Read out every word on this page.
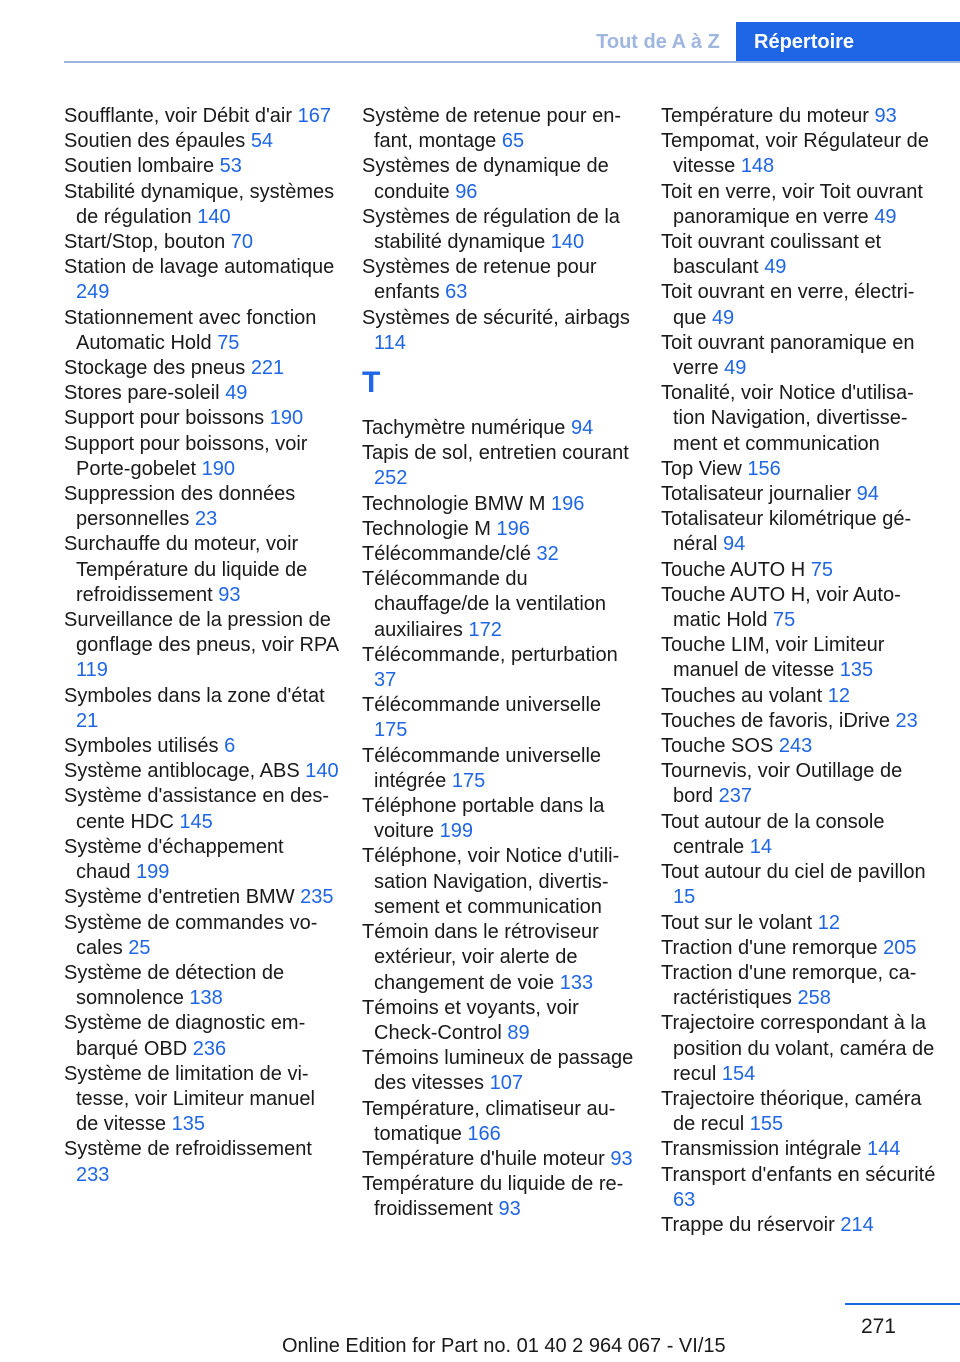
Tout de A à Z	Répertoire
Soufflante, voir Débit d'air 167
Soutien des épaules 54
Soutien lombaire 53
Stabilité dynamique, systèmes de régulation 140
Start/Stop, bouton 70
Station de lavage automatique 249
Stationnement avec fonction Automatic Hold 75
Stockage des pneus 221
Stores pare-soleil 49
Support pour boissons 190
Support pour boissons, voir Porte-gobelet 190
Suppression des données personnelles 23
Surchauffe du moteur, voir Température du liquide de refroidissement 93
Surveillance de la pression de gonflage des pneus, voir RPA 119
Symboles dans la zone d'état 21
Symboles utilisés 6
Système antiblocage, ABS 140
Système d'assistance en descente HDC 145
Système d'échappement chaud 199
Système d'entretien BMW 235
Système de commandes vocales 25
Système de détection de somnolence 138
Système de diagnostic embarqué OBD 236
Système de limitation de vitesse, voir Limiteur manuel de vitesse 135
Système de refroidissement 233
Système de retenue pour enfant, montage 65
Systèmes de dynamique de conduite 96
Systèmes de régulation de la stabilité dynamique 140
Systèmes de retenue pour enfants 63
Systèmes de sécurité, airbags 114
T
Tachymètre numérique 94
Tapis de sol, entretien courant 252
Technologie BMW M 196
Technologie M 196
Télécommande/clé 32
Télécommande du chauffage/de la ventilation auxiliaires 172
Télécommande, perturbation 37
Télécommande universelle 175
Télécommande universelle intégrée 175
Téléphone portable dans la voiture 199
Téléphone, voir Notice d'utilisation Navigation, divertissement et communication
Témoin dans le rétroviseur extérieur, voir alerte de changement de voie 133
Témoins et voyants, voir Check-Control 89
Témoins lumineux de passage des vitesses 107
Température, climatiseur automatique 166
Température d'huile moteur 93
Température du liquide de refroidissement 93
Température du moteur 93
Tempomat, voir Régulateur de vitesse 148
Toit en verre, voir Toit ouvrant panoramique en verre 49
Toit ouvrant coulissant et basculant 49
Toit ouvrant en verre, électrique 49
Toit ouvrant panoramique en verre 49
Tonalité, voir Notice d'utilisation Navigation, divertissement et communication
Top View 156
Totalisateur journalier 94
Totalisateur kilométrique général 94
Touche AUTO H 75
Touche AUTO H, voir Automatic Hold 75
Touche LIM, voir Limiteur manuel de vitesse 135
Touches au volant 12
Touches de favoris, iDrive 23
Touche SOS 243
Tournevis, voir Outillage de bord 237
Tout autour de la console centrale 14
Tout autour du ciel de pavillon 15
Tout sur le volant 12
Traction d'une remorque 205
Traction d'une remorque, caractéristiques 258
Trajectoire correspondant à la position du volant, caméra de recul 154
Trajectoire théorique, caméra de recul 155
Transmission intégrale 144
Transport d'enfants en sécurité 63
Trappe du réservoir 214
271
Online Edition for Part no. 01 40 2 964 067 - VI/15
